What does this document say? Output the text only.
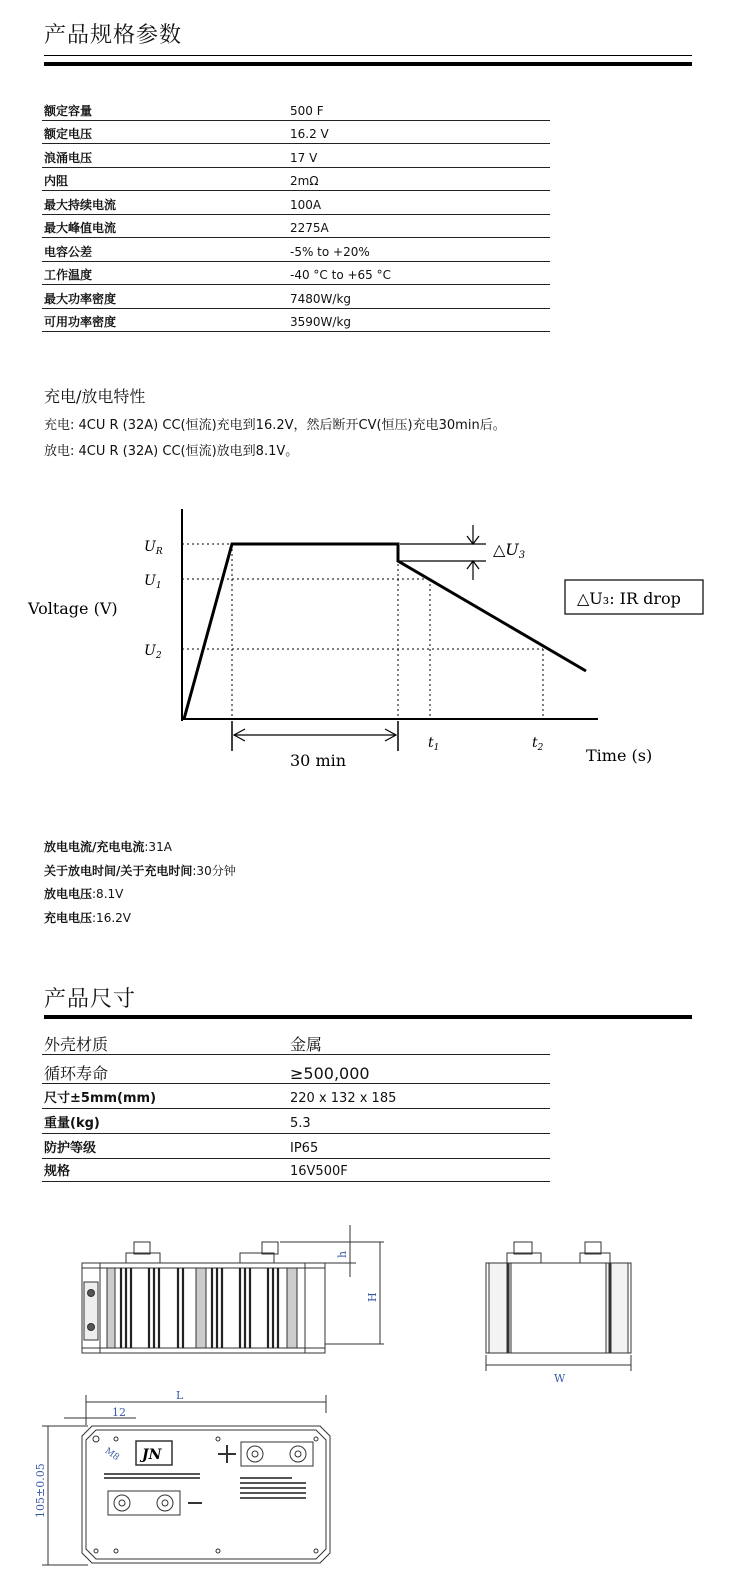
产品规格参数
额定容量	500 F
额定电压	16.2 V
浪涌电压	17 V
内阻	2mΩ
最大持续电流	100A
最大峰值电流	2275A
电容公差	-5% to +20%
工作温度	-40 °C to +65 °C
最大功率密度	7480W/kg
可用功率密度	3590W/kg
充电/放电特性
充电: 4CU R (32A) CC(恒流)充电到16.2V，然后断开CV(恒压)充电30min后。
放电: 4CU R (32A) CC(恒流)放电到8.1V。
$U_R$
$U_1$
$U_2$
△U3
Voltage (V)
30 min
$t_1$	$t_2$	Time (s)
△U₃: IR drop
放电电流/充电电流:31A
关于放电时间/关于充电时间:30分钟
放电电压:8.1V
充电电压:16.2V
产品尺寸
外壳材质	金属
循环寿命	≥500,000
尺寸±5mm(mm)	220 x 132 x 185
重量(kg)	5.3
防护等级	IP65
规格	16V500F
h
H
W
L
12
M8
105±0.05
JN
